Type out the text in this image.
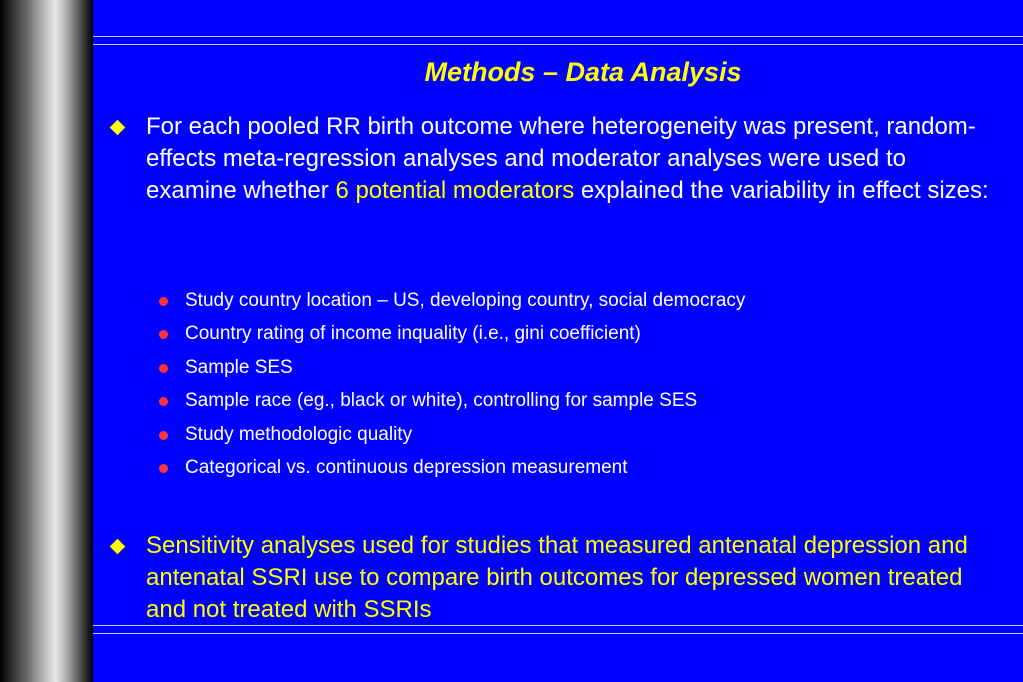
Methods – Data Analysis
For each pooled RR birth outcome where heterogeneity was present, random-effects meta-regression analyses and moderator analyses were used to examine whether 6 potential moderators explained the variability in effect sizes:
Study country location – US, developing country, social democracy
Country rating of income inquality (i.e., gini coefficient)
Sample SES
Sample race (eg., black or white), controlling for sample SES
Study methodologic quality
Categorical vs. continuous depression measurement
Sensitivity analyses used for studies that measured antenatal depression and antenatal SSRI use to compare birth outcomes for depressed women treated and not treated with SSRIs
